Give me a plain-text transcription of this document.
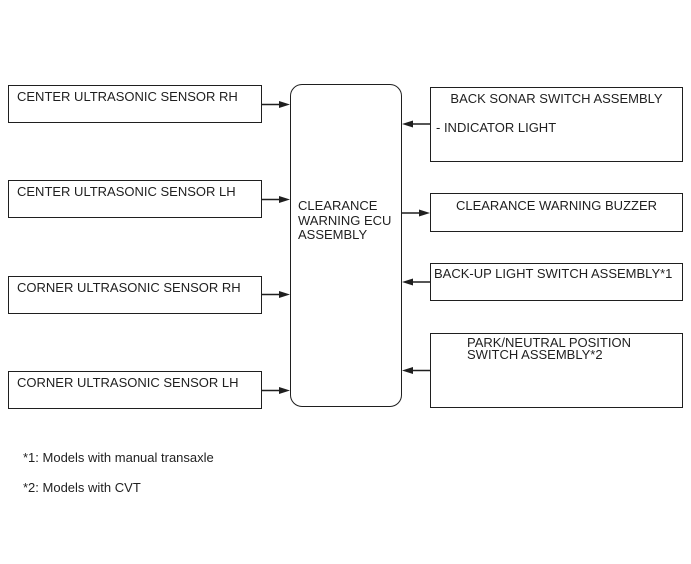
CENTER ULTRASONIC SENSOR RH
CENTER ULTRASONIC SENSOR LH
CORNER ULTRASONIC SENSOR RH
CORNER ULTRASONIC SENSOR LH
CLEARANCE
WARNING ECU
ASSEMBLY
BACK SONAR SWITCH ASSEMBLY
- INDICATOR LIGHT
CLEARANCE WARNING BUZZER
BACK-UP LIGHT SWITCH ASSEMBLY*1
PARK/NEUTRAL POSITION
SWITCH ASSEMBLY*2
*1: Models with manual transaxle
*2: Models with CVT
